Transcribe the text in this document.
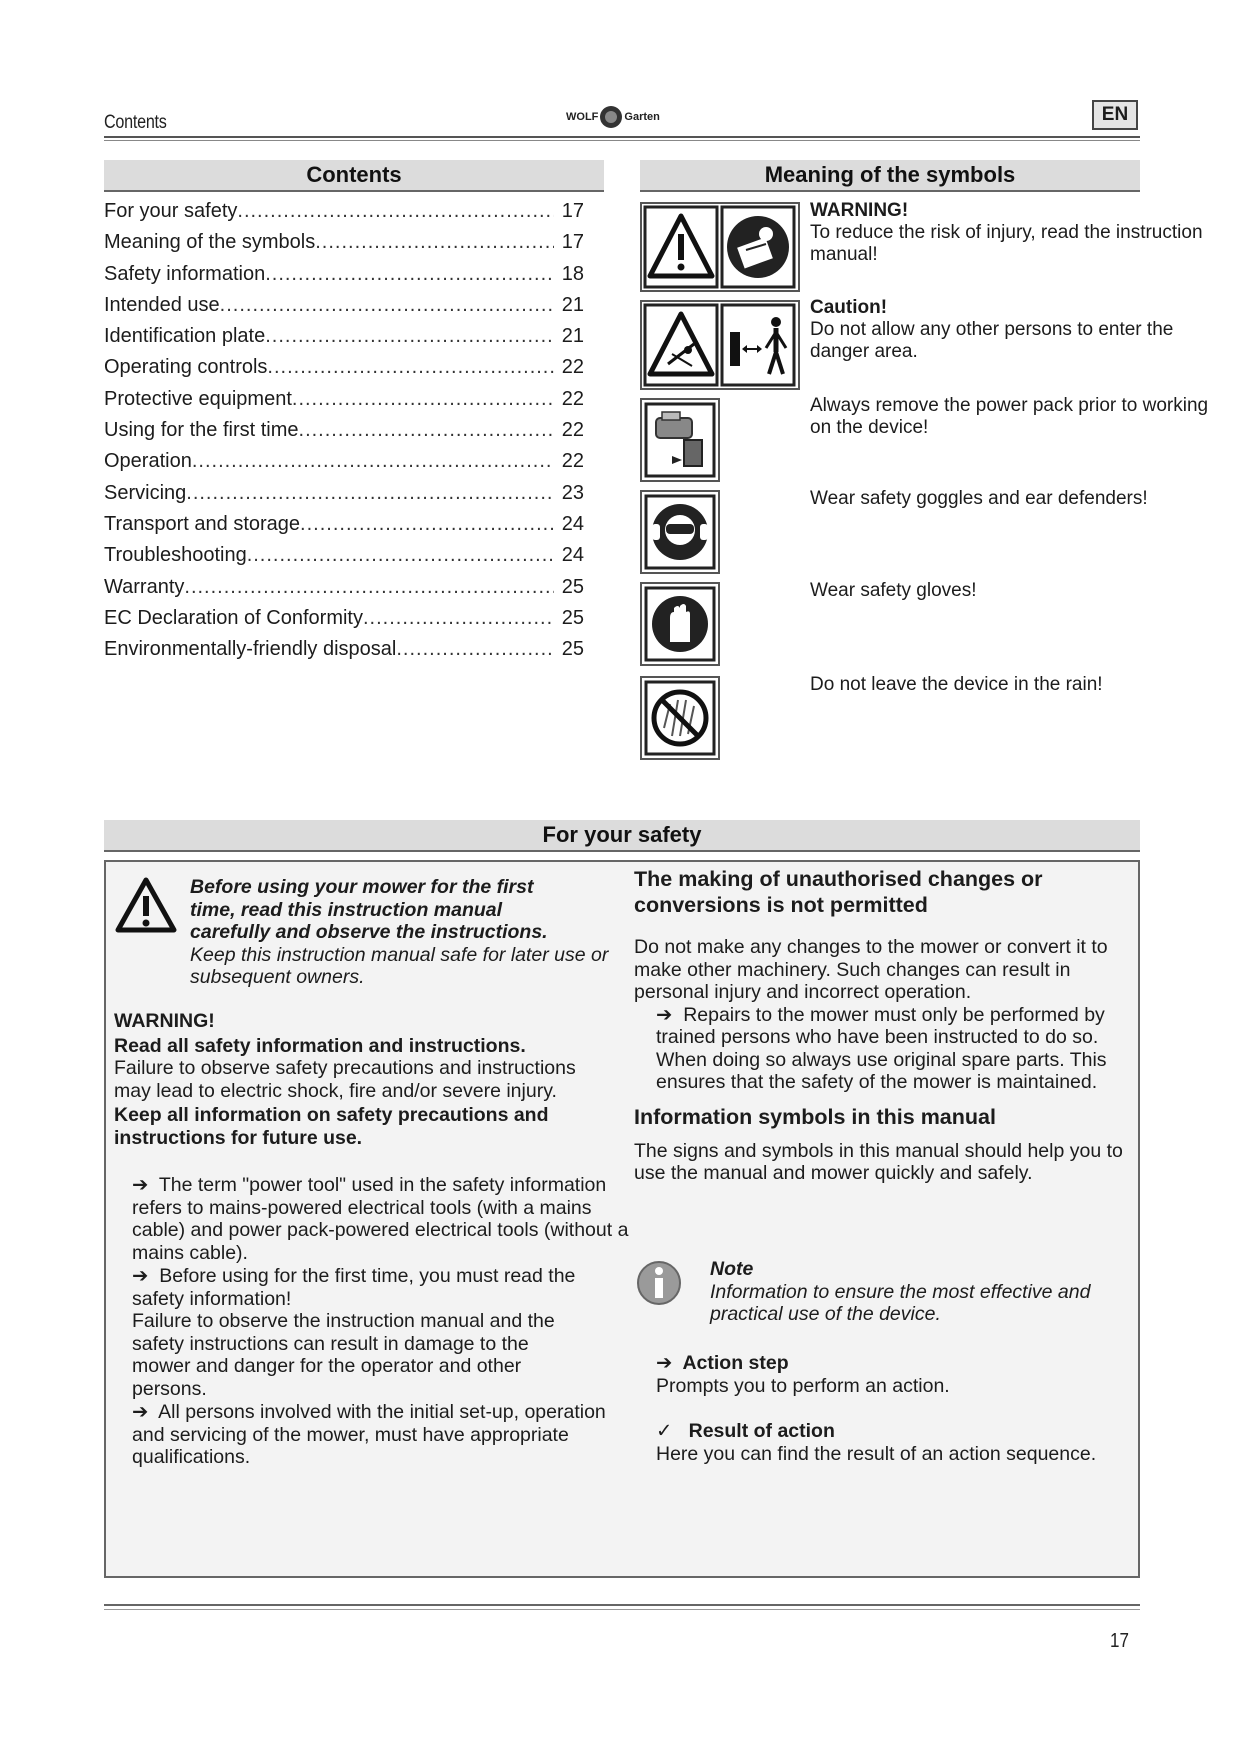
Contents	WOLF Garten	EN
Contents
For your safety .....	17
Meaning of the symbols .....	17
Safety information .....	18
Intended use .....	21
Identification plate .....	21
Operating controls .....	22
Protective equipment .....	22
Using for the first time .....	22
Operation .....	22
Servicing .....	23
Transport and storage .....	24
Troubleshooting .....	24
Warranty .....	25
EC Declaration of Conformity .....	25
Environmentally-friendly disposal .....	25
Meaning of the symbols
WARNING!
To reduce the risk of injury, read the instruction manual!
Caution!
Do not allow any other persons to enter the danger area.
Always remove the power pack prior to working on the device!
Wear safety goggles and ear defenders!
Wear safety gloves!
Do not leave the device in the rain!
For your safety

Before using your mower for the first

time, read this instruction manual

carefully and observe the instructions.

Keep this instruction manual safe for later use or subsequent owners.

WARNING!

Read all safety information and instructions.

Failure to observe safety precautions and instructions may lead to electric shock, fire and/or severe injury.

Keep all information on safety precautions and instructions for future use.

➔ The term "power tool" used in the safety information refers to mains-powered electrical tools (with a mains cable) and power pack-powered electrical tools (without a mains cable).

➔ Before using for the first time, you must read the safety information!

Failure to observe the instruction manual and the safety instructions can result in damage to the mower and danger for the operator and other persons.

➔ All persons involved with the initial set-up, operation and servicing of the mower, must have appropriate qualifications.

The making of unauthorised changes or conversions is not permitted

Do not make any changes to the mower or convert it to make other machinery. Such changes can result in personal injury and incorrect operation.

➔ Repairs to the mower must only be performed by trained persons who have been instructed to do so. When doing so always use original spare parts. This ensures that the safety of the mower is maintained.

Information symbols in this manual

The signs and symbols in this manual should help you to use the manual and mower quickly and safely.

Note

Information to ensure the most effective and practical use of the device.

➔ Action step

Prompts you to perform an action.

✓ Result of action

Here you can find the result of an action sequence.

17
